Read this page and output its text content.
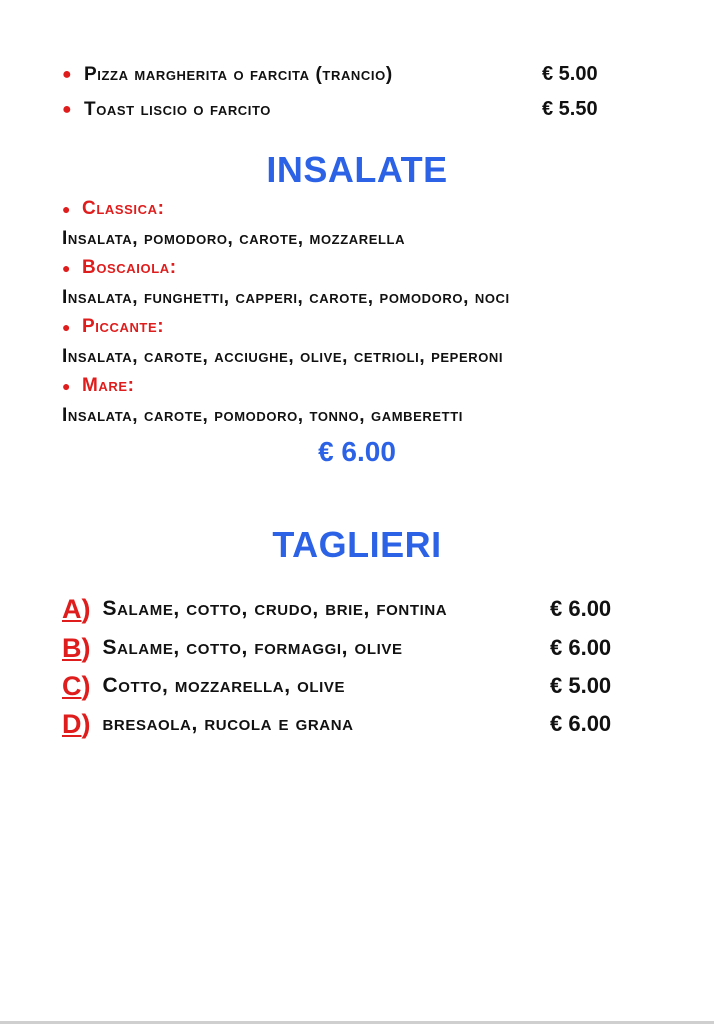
● Pizza margherita o farcita (trancio)	€ 5.00
● Toast liscio o farcito	€ 5.50
INSALATE
● Classica:
Insalata, pomodoro, carote, mozzarella
● Boscaiola:
Insalata, funghetti, capperi, carote, pomodoro, noci
● Piccante:
Insalata, carote, acciughe, olive, cetrioli, peperoni
● Mare:
Insalata, carote, pomodoro, tonno, gamberetti
€ 6.00
TAGLIERI
A ) Salame, cotto, crudo, brie, fontina	€ 6.00
B ) Salame, cotto, formaggi, olive	€ 6.00
C ) Cotto, mozzarella, olive	€ 5.00
D ) bresaola, rucola e grana	€ 6.00
